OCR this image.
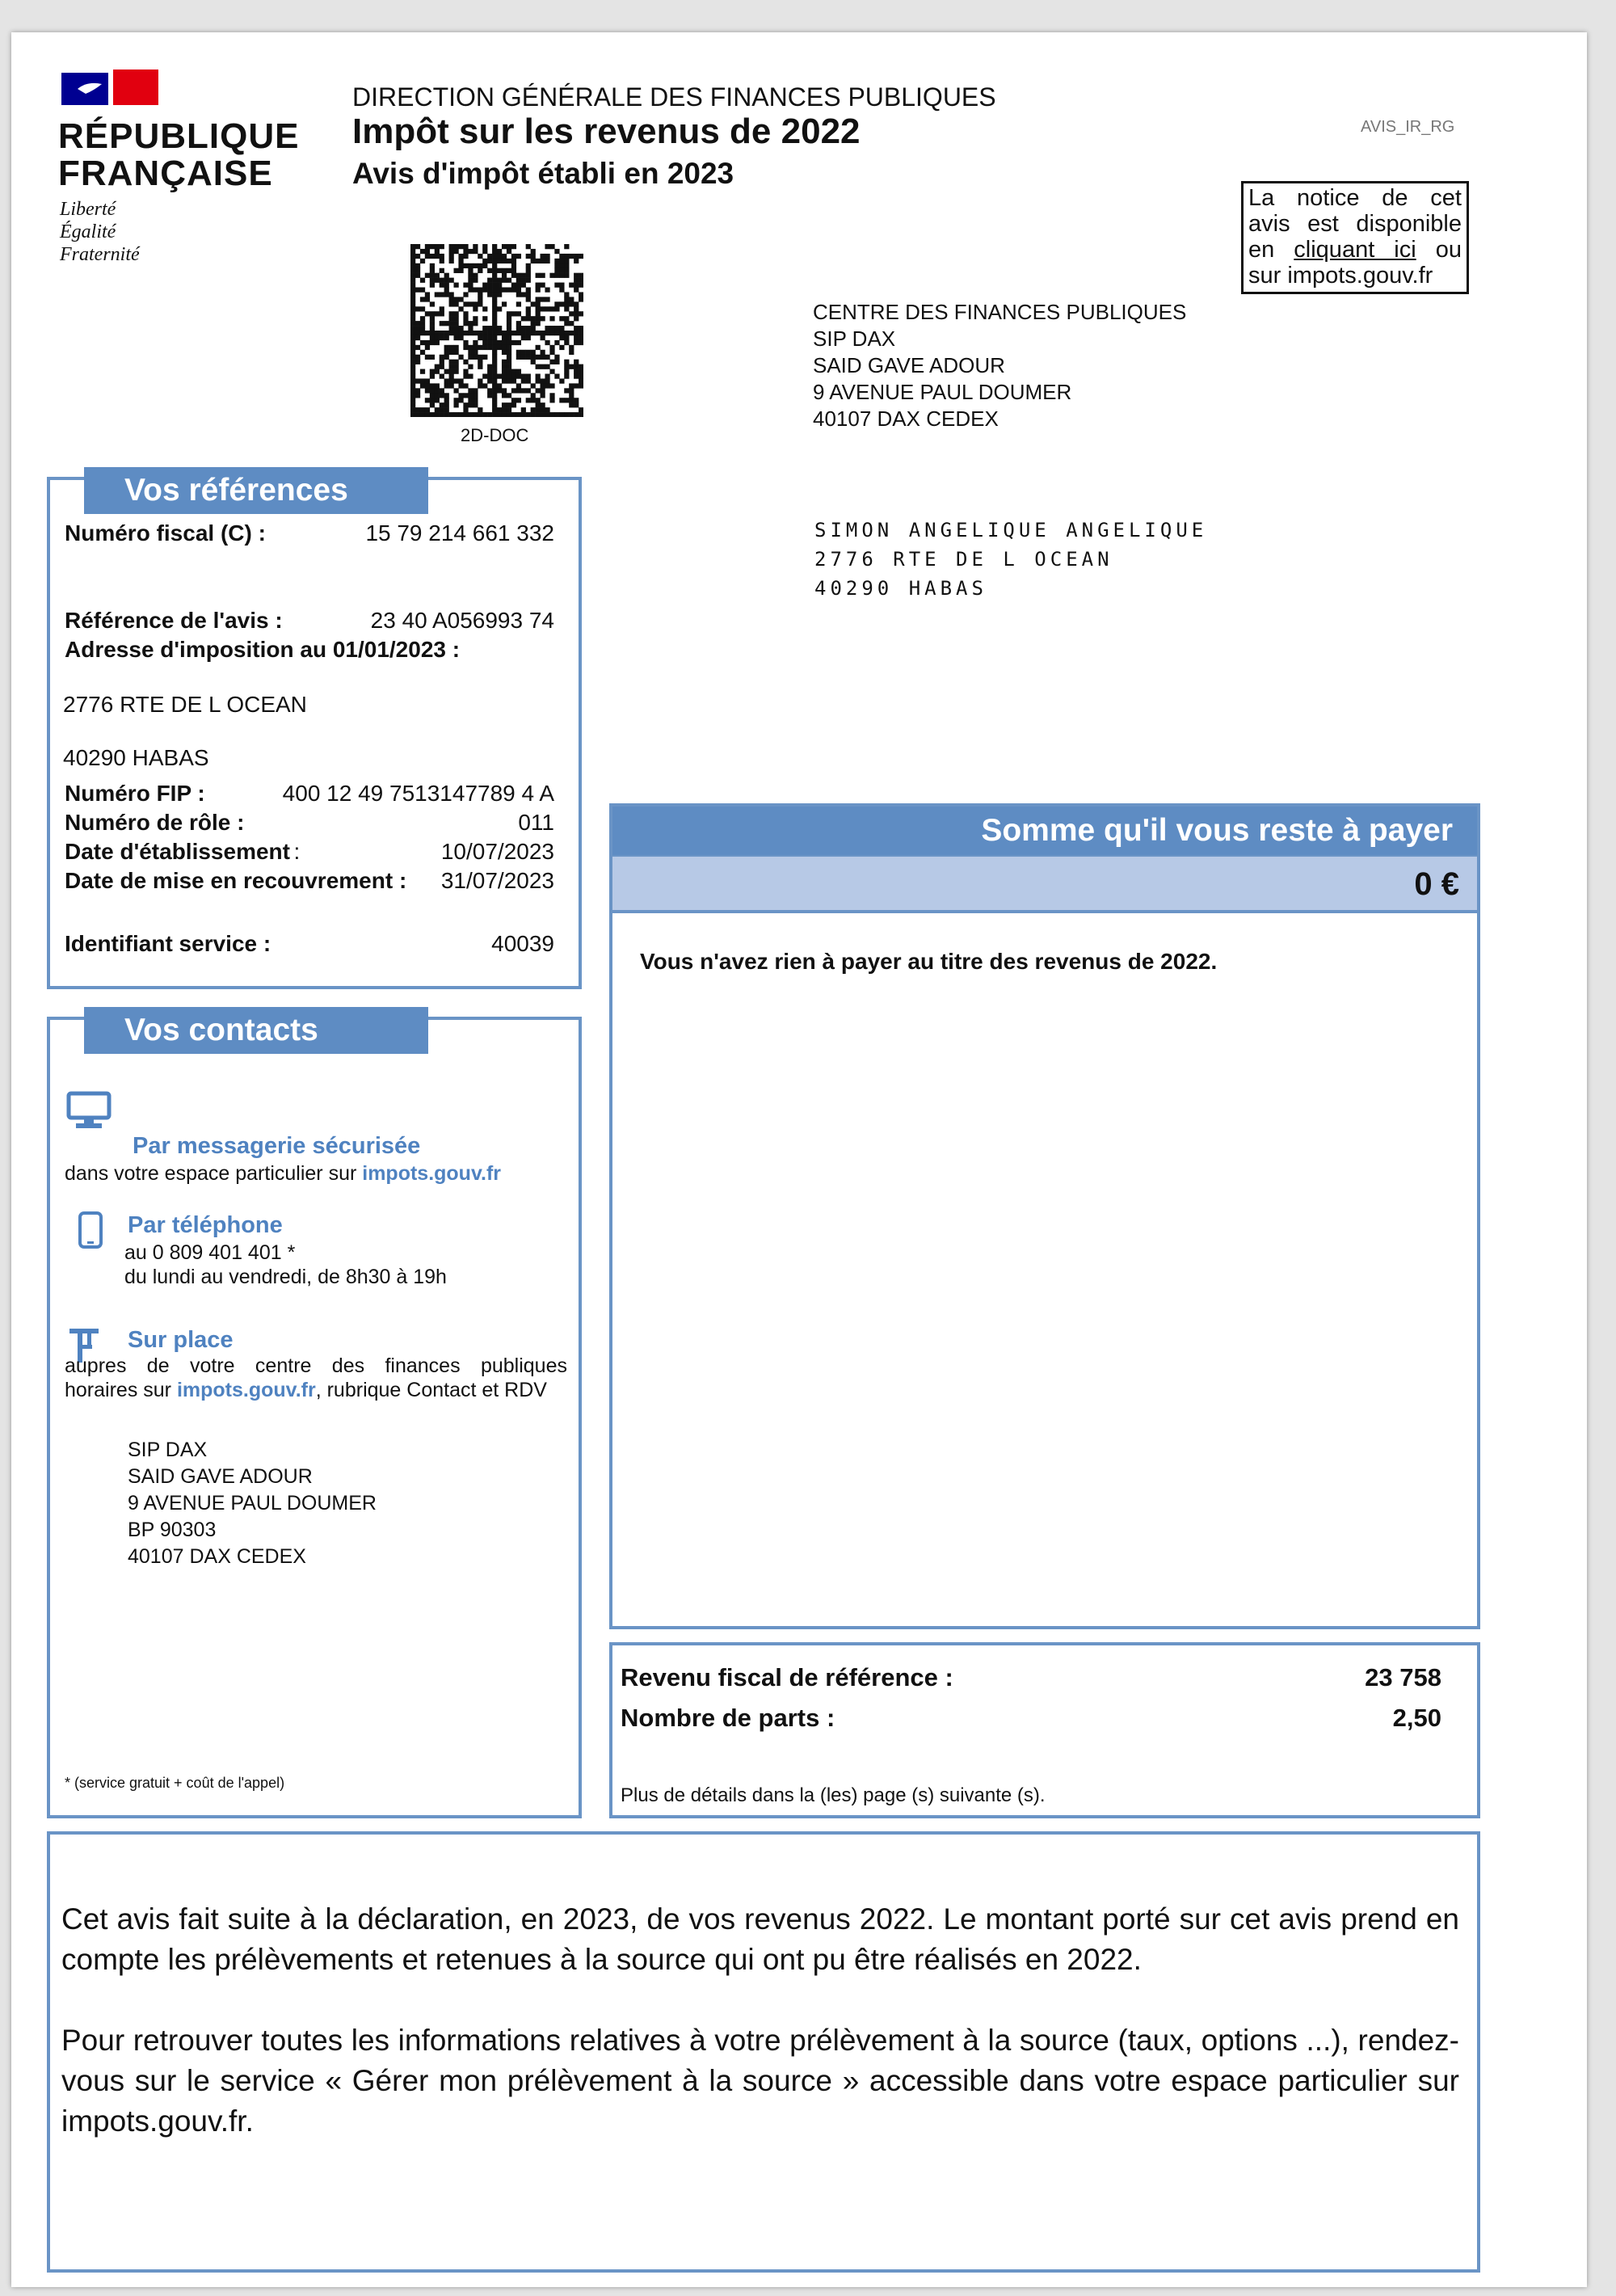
RÉPUBLIQUE
FRANÇAISE
Liberté
Égalité
Fraternité
DIRECTION GÉNÉRALE DES FINANCES PUBLIQUES
Impôt sur les revenus de 2022
Avis d'impôt établi en 2023
AVIS_IR_RG
La notice de cet
avis est disponible
en cliquant ici ou
sur impots.gouv.fr
2D-DOC
CENTRE DES FINANCES PUBLIQUES
SIP DAX
SAID GAVE ADOUR
9 AVENUE PAUL DOUMER
40107 DAX CEDEX
SIMON ANGELIQUE ANGELIQUE
2776 RTE DE L OCEAN
40290 HABAS
Vos références
Numéro fiscal (C) :	15 79 214 661 332
Référence de l'avis :	23 40 A056993 74
Adresse d'imposition au 01/01/2023 :
2776 RTE DE L OCEAN
40290 HABAS
Numéro FIP :	400 12 49 7513147789 4 A
Numéro de rôle :	011
Date d'établissement :	10/07/2023
Date de mise en recouvrement : 31/07/2023
Identifiant service :	40039
Vos contacts
Par messagerie sécurisée
dans votre espace particulier sur impots.gouv.fr
Par téléphone
au 0 809 401 401 *
du lundi au vendredi, de 8h30 à 19h
Sur place
aupres de votre centre des finances publiques
horaires sur impots.gouv.fr, rubrique Contact et RDV
SIP DAX
SAID GAVE ADOUR
9 AVENUE PAUL DOUMER
BP 90303
40107 DAX CEDEX
* (service gratuit + coût de l'appel)
Somme qu'il vous reste à payer
0 €
Vous n'avez rien à payer au titre des revenus de 2022.
Revenu fiscal de référence :	23 758
Nombre de parts :	2,50
Plus de détails dans la (les) page (s) suivante (s).
Cet avis fait suite à la déclaration, en 2023, de vos revenus 2022. Le montant porté sur cet avis prend en compte les prélèvements et retenues à la source qui ont pu être réalisés en 2022.
Pour retrouver toutes les informations relatives à votre prélèvement à la source (taux, options ...), rendez-vous sur le service « Gérer mon prélèvement à la source » accessible dans votre espace particulier sur impots.gouv.fr.
